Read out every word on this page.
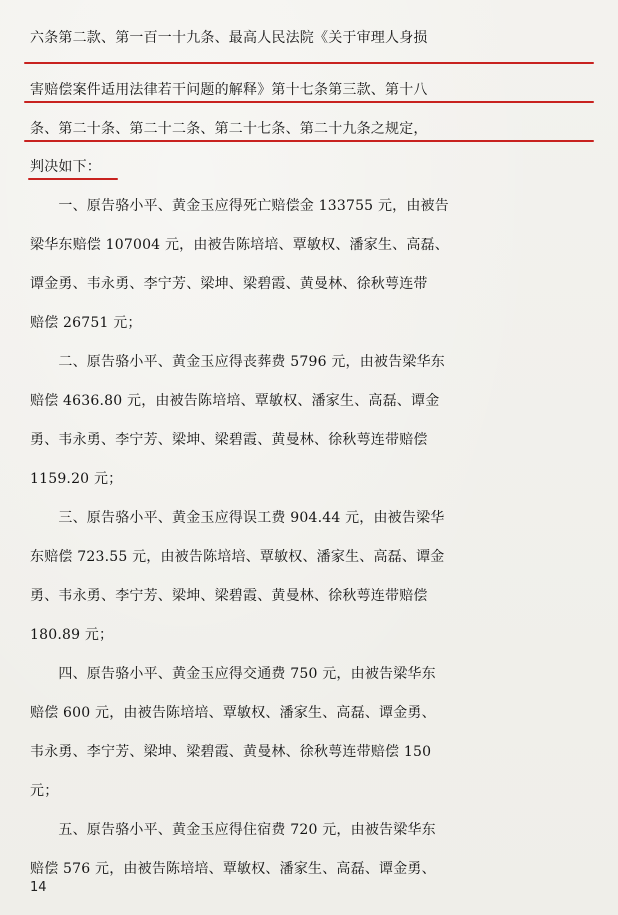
六条第二款、第一百一十九条、最高人民法院《关于审理人身损
害赔偿案件适用法律若干问题的解释》第十七条第三款、第十八
条、第二十条、第二十二条、第二十七条、第二十九条之规定，
判决如下：
　　一、原告骆小平、黄金玉应得死亡赔偿金 133755 元，由被告
梁华东赔偿 107004 元，由被告陈培培、覃敏权、潘家生、高磊、
谭金勇、韦永勇、李宁芳、梁坤、梁碧霞、黄曼林、徐秋萼连带
赔偿 26751 元；
　　二、原告骆小平、黄金玉应得丧葬费 5796 元，由被告梁华东
赔偿 4636.80 元，由被告陈培培、覃敏权、潘家生、高磊、谭金
勇、韦永勇、李宁芳、梁坤、梁碧霞、黄曼林、徐秋萼连带赔偿
1159.20 元；
　　三、原告骆小平、黄金玉应得误工费 904.44 元，由被告梁华
东赔偿 723.55 元，由被告陈培培、覃敏权、潘家生、高磊、谭金
勇、韦永勇、李宁芳、梁坤、梁碧霞、黄曼林、徐秋萼连带赔偿
180.89 元；
　　四、原告骆小平、黄金玉应得交通费 750 元，由被告梁华东
赔偿 600 元，由被告陈培培、覃敏权、潘家生、高磊、谭金勇、
韦永勇、李宁芳、梁坤、梁碧霞、黄曼林、徐秋萼连带赔偿 150
元；
　　五、原告骆小平、黄金玉应得住宿费 720 元，由被告梁华东
赔偿 576 元，由被告陈培培、覃敏权、潘家生、高磊、谭金勇、
14
